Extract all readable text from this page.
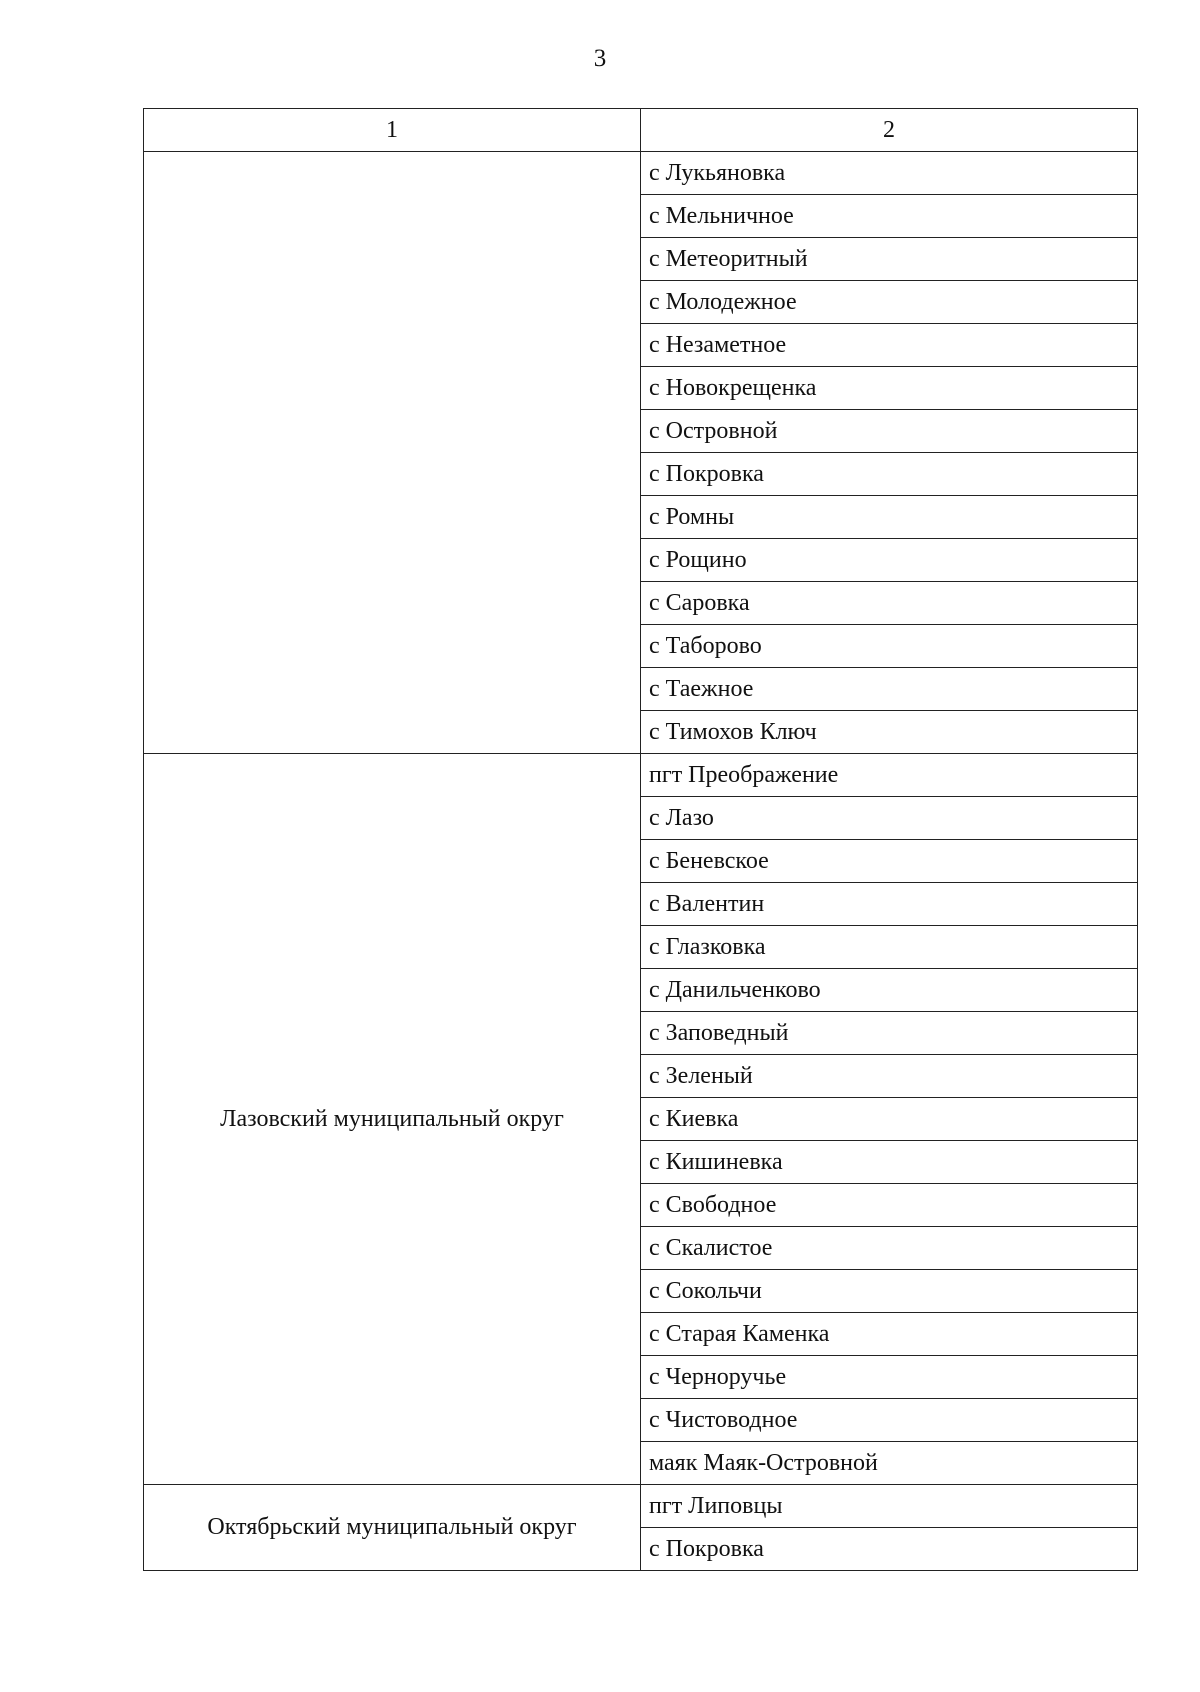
3
1	2
	с Лукьяновка
	с Мельничное
	с Метеоритный
	с Молодежное
	с Незаметное
	с Новокрещенка
	с Островной
	с Покровка
	с Ромны
	с Рощино
	с Саровка
	с Таборово
	с Таежное
	с Тимохов Ключ
Лазовский муниципальный округ	пгт Преображение
	с Лазо
	с Беневское
	с Валентин
	с Глазковка
	с Данильченково
	с Заповедный
	с Зеленый
	с Киевка
	с Кишиневка
	с Свободное
	с Скалистое
	с Сокольчи
	с Старая Каменка
	с Черноручье
	с Чистоводное
	маяк Маяк-Островной
Октябрьский муниципальный округ	пгт Липовцы
	с Покровка
